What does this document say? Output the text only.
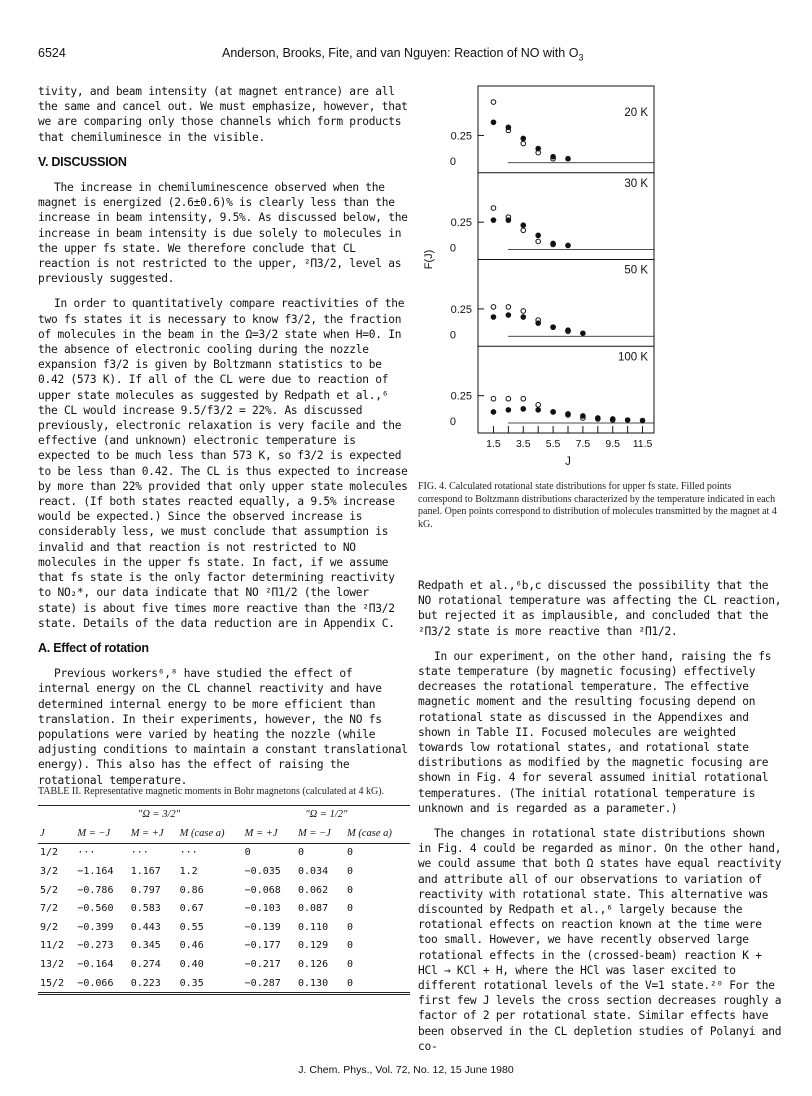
6524	Anderson, Brooks, Fite, and van Nguyen: Reaction of NO with $O_3$

tivity, and beam intensity (at magnet entrance) are all the same and cancel out. We must emphasize, however, that we are comparing only those channels which form products that chemiluminesce in the visible.

V. DISCUSSION

The increase in chemiluminescence observed when the magnet is energized (2.6±0.6)% is clearly less than the increase in beam intensity, 9.5%. As discussed below, the increase in beam intensity is due solely to molecules in the upper fs state. We therefore conclude that CL reaction is not restricted to the upper, ²Π3/2, level as previously suggested.

In order to quantitatively compare reactivities of the two fs states it is necessary to know f3/2, the fraction of molecules in the beam in the Ω=3/2 state when H=0. In the absence of electronic cooling during the nozzle expansion f3/2 is given by Boltzmann statistics to be 0.42 (573 K). If all of the CL were due to reaction of upper state molecules as suggested by Redpath et al.,⁶ the CL would increase 9.5/f3/2 = 22%. As discussed previously, electronic relaxation is very facile and the effective (and unknown) electronic temperature is expected to be much less than 573 K, so f3/2 is expected to be less than 0.42. The CL is thus expected to increase by more than 22% provided that only upper state molecules react. (If both states reacted equally, a 9.5% increase would be expected.) Since the observed increase is considerably less, we must conclude that assumption is invalid and that reaction is not restricted to NO molecules in the upper fs state. In fact, if we assume that fs state is the only factor determining reactivity to NO₂*, our data indicate that NO ²Π1/2 (the lower state) is about five times more reactive than the ²Π3/2 state. Details of the data reduction are in Appendix C.

A. Effect of rotation

Previous workers⁶,⁸ have studied the effect of internal energy on the CL channel reactivity and have determined internal energy to be more efficient than translation. In their experiments, however, the NO fs populations were varied by heating the nozzle (while adjusting conditions to maintain a constant translational energy). This also has the effect of raising the rotational temperature.

TABLE II. Representative magnetic moments in Bohr magnetons (calculated at 4 kG).
	"Ω = 3/2"			"Ω = 1/2"		
J	M = −J	M = +J	M (case a)	M = +J	M = −J	M (case a)
1/2	···	···	···	0	0	0
3/2	−1.164	1.167	1.2	−0.035	0.034	0
5/2	−0.786	0.797	0.86	−0.068	0.062	0
7/2	−0.560	0.583	0.67	−0.103	0.087	0
9/2	−0.399	0.443	0.55	−0.139	0.110	0
11/2	−0.273	0.345	0.46	−0.177	0.129	0
13/2	−0.164	0.274	0.40	−0.217	0.126	0
15/2	−0.066	0.223	0.35	−0.287	0.130	0
0.25
0
20 K
0.25
0
30 K
0.25
0
50 K
0.25
0
100 K
1.5 3.5 5.5 7.5 9.5 11.5
J
F(J)
FIG. 4. Calculated rotational state distributions for upper fs state. Filled points correspond to Boltzmann distributions characterized by the temperature indicated in each panel. Open points correspond to distribution of molecules transmitted by the magnet at 4 kG.

Redpath et al.,⁶b,c discussed the possibility that the NO rotational temperature was affecting the CL reaction, but rejected it as implausible, and concluded that the ²Π3/2 state is more reactive than ²Π1/2.

In our experiment, on the other hand, raising the fs state temperature (by magnetic focusing) effectively decreases the rotational temperature. The effective magnetic moment and the resulting focusing depend on rotational state as discussed in the Appendixes and shown in Table II. Focused molecules are weighted towards low rotational states, and rotational state distributions as modified by the magnetic focusing are shown in Fig. 4 for several assumed initial rotational temperatures. (The initial rotational temperature is unknown and is regarded as a parameter.)

The changes in rotational state distributions shown in Fig. 4 could be regarded as minor. On the other hand, we could assume that both Ω states have equal reactivity and attribute all of our observations to variation of reactivity with rotational state. This alternative was discounted by Redpath et al.,⁶ largely because the rotational effects on reaction known at the time were too small. However, we have recently observed large rotational effects in the (crossed-beam) reaction K + HCl → KCl + H, where the HCl was laser excited to different rotational levels of the V=1 state.²⁰ For the first few J levels the cross section decreases roughly a factor of 2 per rotational state. Similar effects have been observed in the CL depletion studies of Polanyi and co-

J. Chem. Phys., Vol. 72, No. 12, 15 June 1980
